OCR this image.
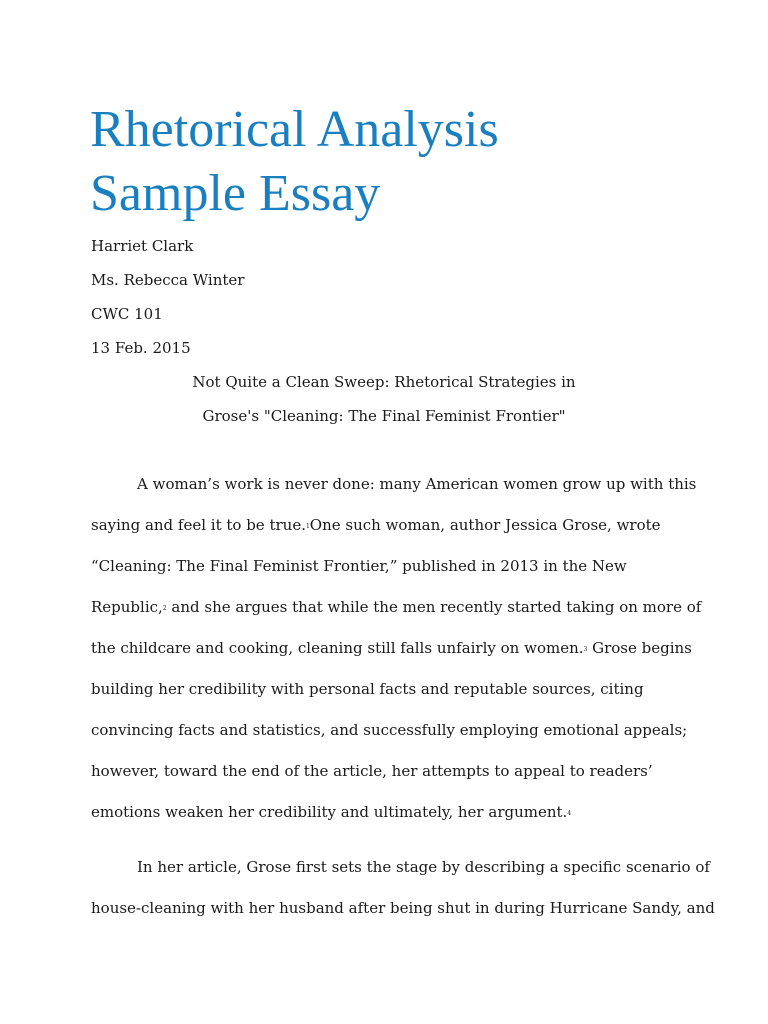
Rhetorical Analysis
Sample Essay
Harriet Clark
Ms. Rebecca Winter
CWC 101
13 Feb. 2015
Not Quite a Clean Sweep: Rhetorical Strategies in
Grose's "Cleaning: The Final Feminist Frontier"
A woman’s work is never done: many American women grow up with this
saying and feel it to be true.$^1$One such woman, author Jessica Grose, wrote
“Cleaning: The Final Feminist Frontier,” published in 2013 in the New
Republic,$^2$ and she argues that while the men recently started taking on more of
the childcare and cooking, cleaning still falls unfairly on women.$^3$ Grose begins
building her credibility with personal facts and reputable sources, citing
convincing facts and statistics, and successfully employing emotional appeals;
however, toward the end of the article, her attempts to appeal to readers’
emotions weaken her credibility and ultimately, her argument.$^4$
In her article, Grose first sets the stage by describing a specific scenario of
house-cleaning with her husband after being shut in during Hurricane Sandy, and
